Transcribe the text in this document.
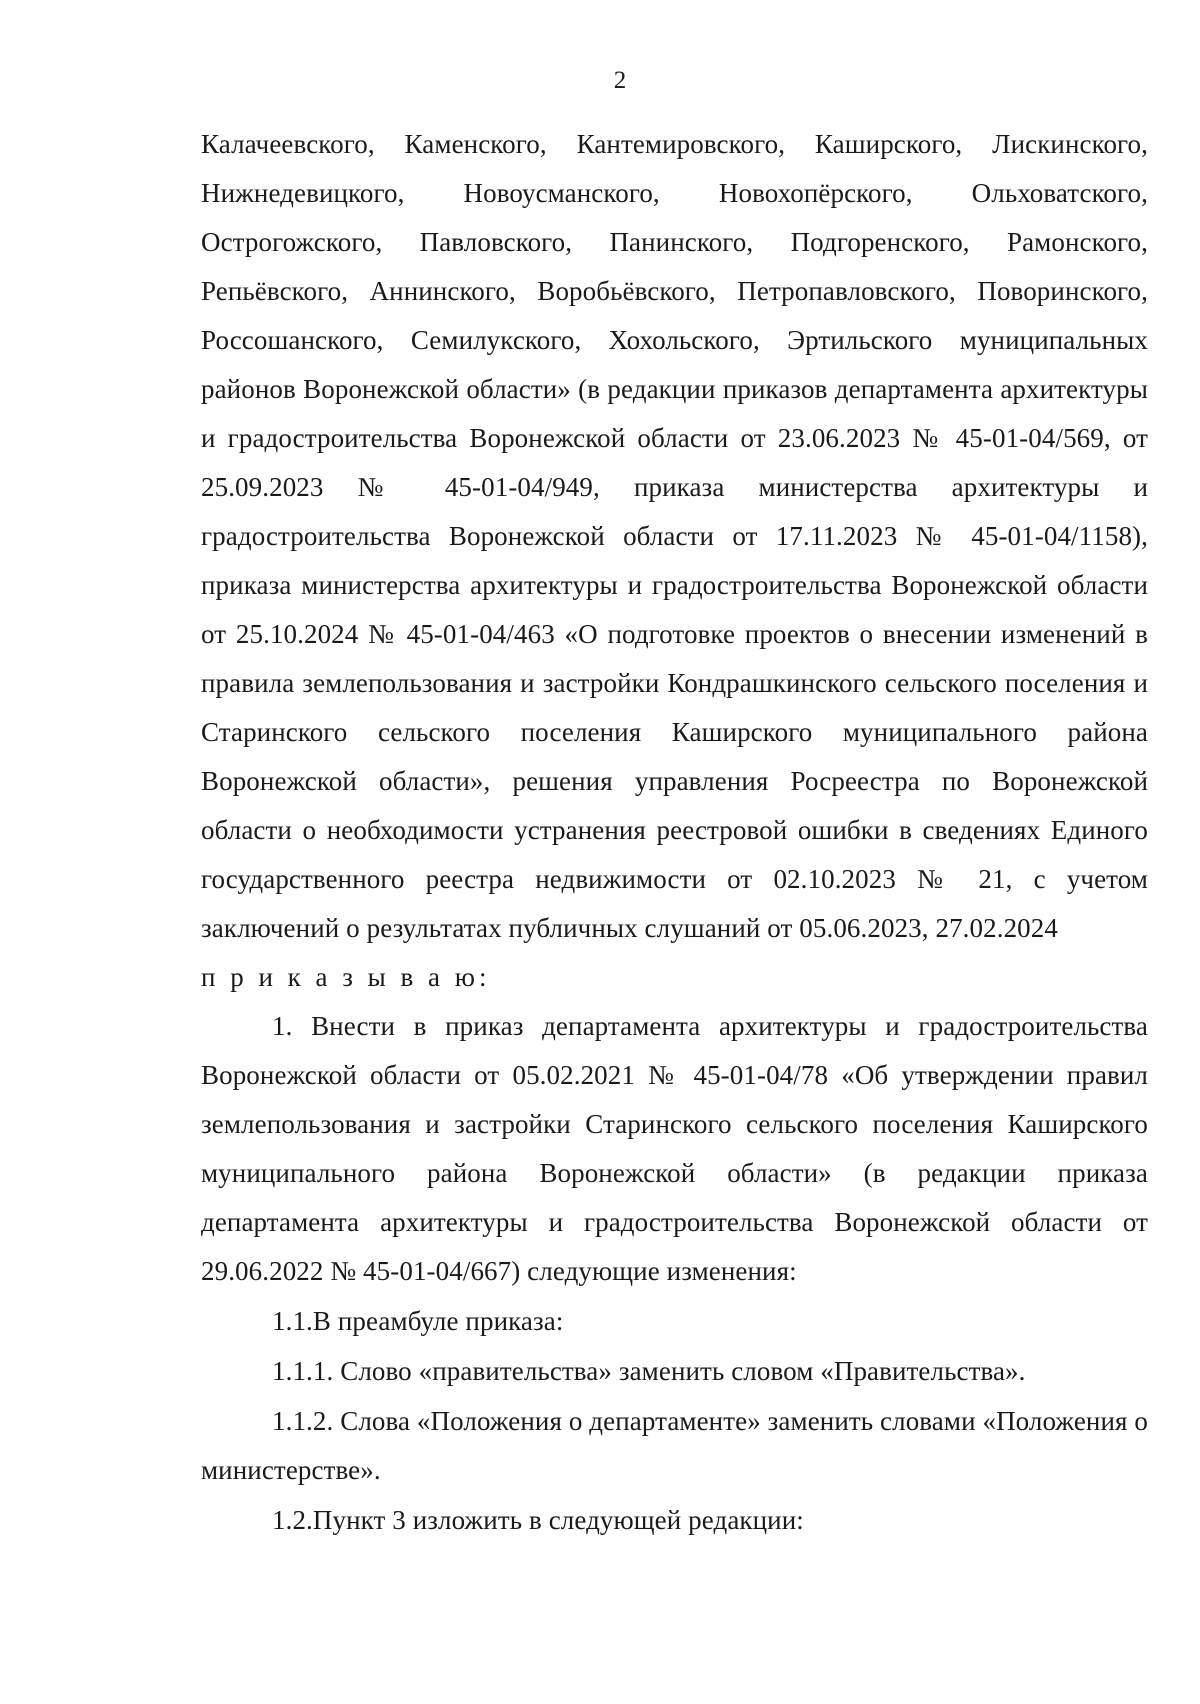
2

Калачеевского, Каменского, Кантемировского, Каширского, Лискинского, Нижнедевицкого, Новоусманского, Новохопёрского, Ольховатского, Острогожского, Павловского, Панинского, Подгоренского, Рамонского, Репьёвского, Аннинского, Воробьёвского, Петропавловского, Поворинского, Россошанского, Семилукского, Хохольского, Эртильского муниципальных районов Воронежской области» (в редакции приказов департамента архитектуры и градостроительства Воронежской области от 23.06.2023 № 45-01-04/569, от 25.09.2023 № 45-01-04/949, приказа министерства архитектуры и градостроительства Воронежской области от 17.11.2023 № 45-01-04/1158), приказа министерства архитектуры и градостроительства Воронежской области от 25.10.2024 № 45-01-04/463 «О подготовке проектов о внесении изменений в правила землепользования и застройки Кондрашкинского сельского поселения и Старинского сельского поселения Каширского муниципального района Воронежской области», решения управления Росреестра по Воронежской области о необходимости устранения реестровой ошибки в сведениях Единого государственного реестра недвижимости от 02.10.2023 № 21, с учетом заключений о результатах публичных слушаний от 05.06.2023, 27.02.2024

п р и к а з ы в а ю:

1. Внести в приказ департамента архитектуры и градостроительства Воронежской области от 05.02.2021 № 45-01-04/78 «Об утверждении правил землепользования и застройки Старинского сельского поселения Каширского муниципального района Воронежской области» (в редакции приказа департамента архитектуры и градостроительства Воронежской области от 29.06.2022 № 45-01-04/667) следующие изменения:

1.1.В преамбуле приказа:

1.1.1. Слово «правительства» заменить словом «Правительства».

1.1.2. Слова «Положения о департаменте» заменить словами «Положения о министерстве».

1.2.Пункт 3 изложить в следующей редакции:
